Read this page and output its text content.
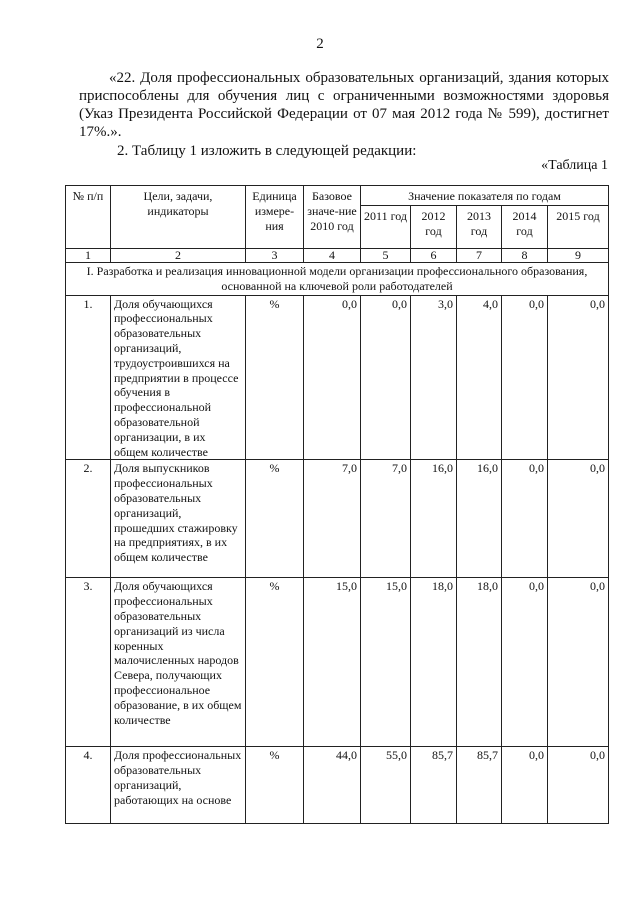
2
«22. Доля профессиональных образовательных организаций, здания которых приспособлены для обучения лиц с ограниченными возможностями здоровья (Указ Президента Российской Федерации от 07 мая 2012 года № 599), достигнет 17%.».
2. Таблицу 1 изложить в следующей редакции:
«Таблица 1
№ п/п	Цели, задачи, индикаторы	Единица измере-ния	Базовое значе-ние 2010 год	Значение показателя по годам				
				2011 год	2012 год	2013 год	2014 год	2015 год
1	2	3	4	5	6	7	8	9
I. Разработка и реализация инновационной модели организации профессионального образования, основанной на ключевой роли работодателей								
1.	Доля обучающихся профессиональных образовательных организаций, трудоустроившихся на предприятии в процессе обучения в профессиональной образовательной организации, в их общем количестве	%	0,0	0,0	3,0	4,0	0,0	0,0
2.	Доля выпускников профессиональных образовательных организаций, прошедших стажировку на предприятиях, в их общем количестве	%	7,0	7,0	16,0	16,0	0,0	0,0
3.	Доля обучающихся профессиональных образовательных организаций из числа коренных малочисленных народов Севера, получающих профессиональное образование, в их общем количестве	%	15,0	15,0	18,0	18,0	0,0	0,0
4.	Доля профессиональных образовательных организаций, работающих на основе	%	44,0	55,0	85,7	85,7	0,0	0,0
